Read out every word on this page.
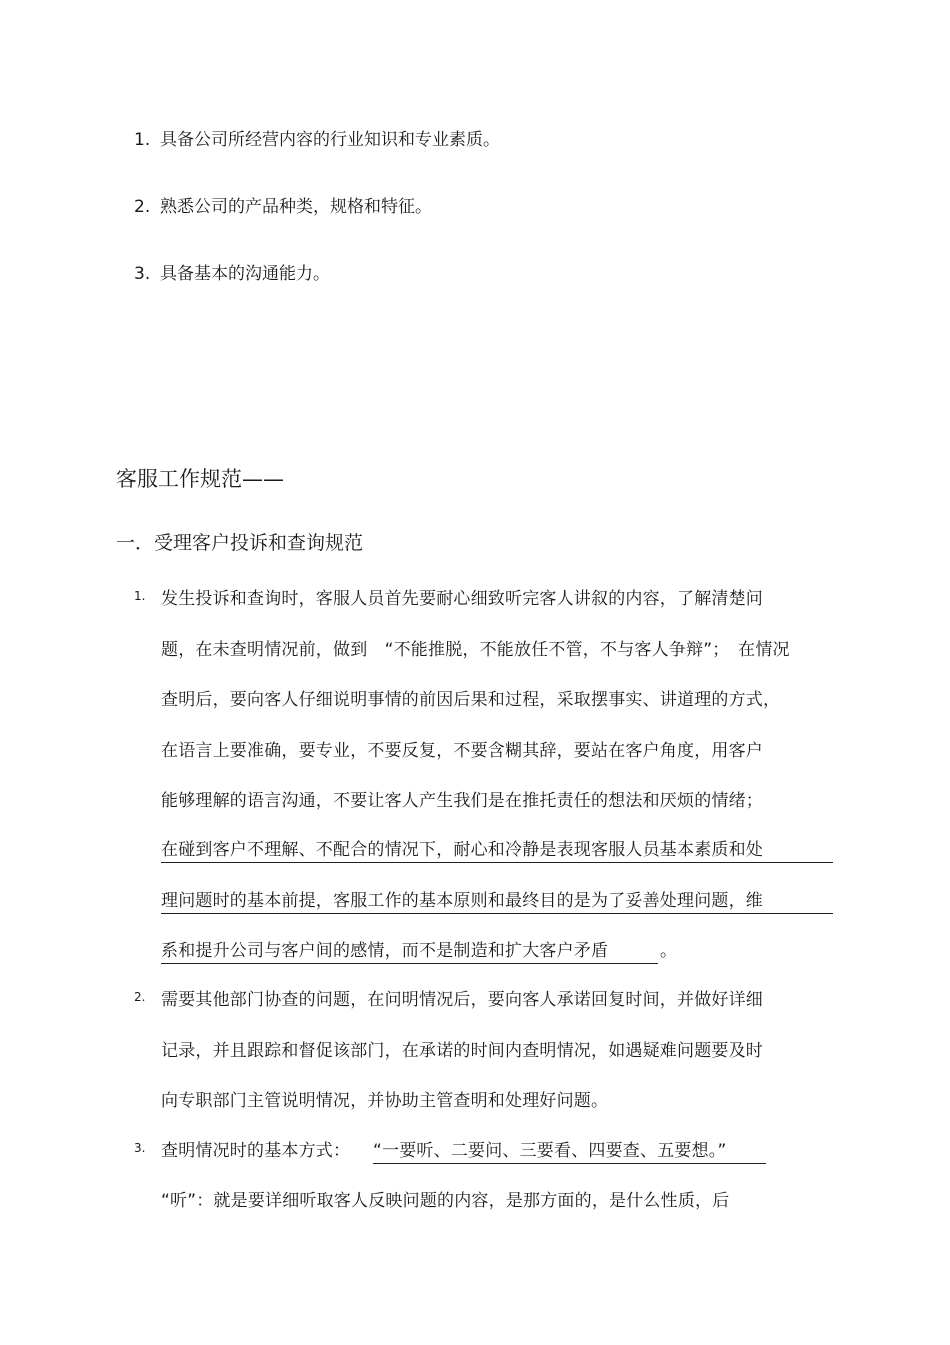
1. 具备公司所经营内容的行业知识和专业素质。
2. 熟悉公司的产品种类，规格和特征。
3. 具备基本的沟通能力。
客服工作规范——
一．受理客户投诉和查询规范
1. 发生投诉和查询时，客服人员首先要耐心细致听完客人讲叙的内容，了解清楚问
题，在未查明情况前，做到　“不能推脱，不能放任不管，不与客人争辩”；　在情况
查明后，要向客人仔细说明事情的前因后果和过程，采取摆事实、讲道理的方式，
在语言上要准确，要专业，不要反复，不要含糊其辞，要站在客户角度，用客户
能够理解的语言沟通，不要让客人产生我们是在推托责任的想法和厌烦的情绪；
在碰到客户不理解、不配合的情况下，耐心和冷静是表现客服人员基本素质和处
理问题时的基本前提，客服工作的基本原则和最终目的是为了妥善处理问题，维
系和提升公司与客户间的感情，而不是制造和扩大客户矛盾	。
2. 需要其他部门协查的问题，在问明情况后，要向客人承诺回复时间，并做好详细
记录，并且跟踪和督促该部门，在承诺的时间内查明情况，如遇疑难问题要及时
向专职部门主管说明情况，并协助主管查明和处理好问题。
3. 查明情况时的基本方式： “一要听、二要问、三要看、四要查、五要想。”
“听”：就是要详细听取客人反映问题的内容，是那方面的，是什么性质，后
